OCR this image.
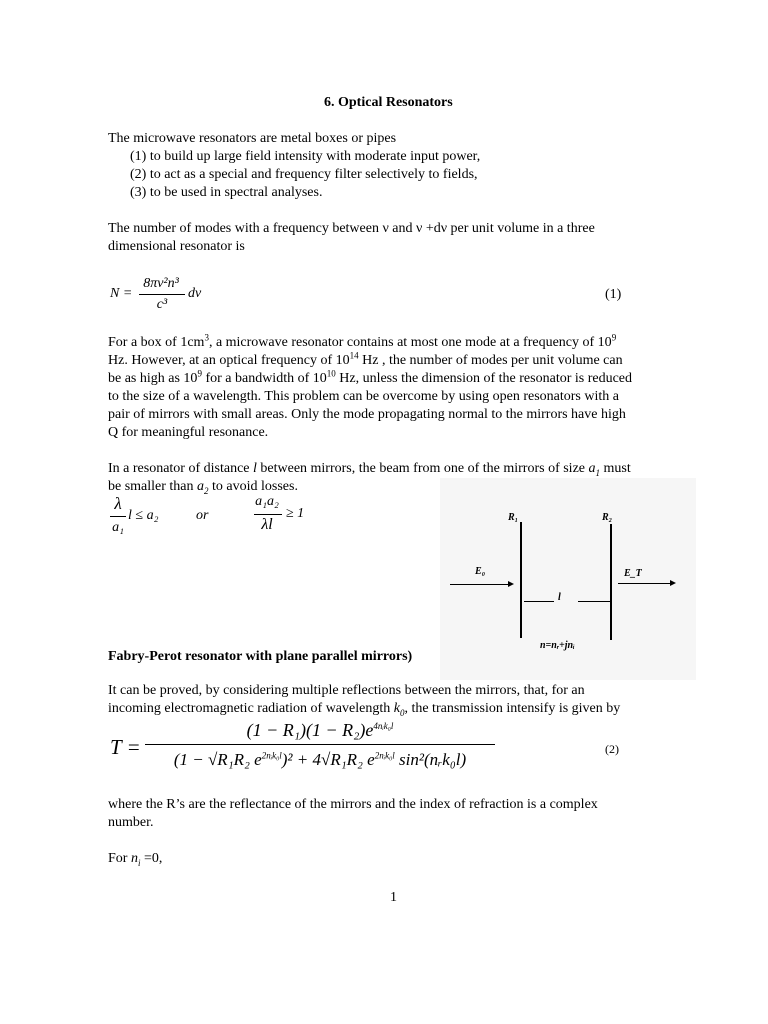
6. Optical Resonators
The microwave resonators are metal boxes or pipes
(1) to build up large field intensity with moderate input power,
(2) to act as a special and frequency filter selectively to fields,
(3) to be used in spectral analyses.
The number of modes with a frequency between ν and ν +dν per unit volume in a three
dimensional resonator is
N =
8πν²n³
c³
dν	(1)
For a box of $1cm^3$, a microwave resonator contains at most one mode at a frequency of $10^9$
Hz. However, at an optical frequency of $10^{14}$ Hz , the number of modes per unit volume can
be as high as $10^9$ for a bandwidth of $10^{10}$ Hz, unless the dimension of the resonator is reduced
to the size of a wavelength. This problem can be overcome by using open resonators with a
pair of mirrors with small areas. Only the mode propagating normal to the mirrors have high
Q for meaningful resonance.
In a resonator of distance l between mirrors, the beam from one of the mirrors of size $a_1$ must
be smaller than $a_2$ to avoid losses.
λ
a₁
l ≤ a₂	or
a₁a₂
λl
≥ 1	R₁	R₂
E₀	E_T
l
n=nᵣ+jnᵢ
Fabry-Perot resonator with plane parallel mirrors)
It can be proved, by considering multiple reflections between the mirrors, that, for an
incoming electromagnetic radiation of wavelength $k_0$, the transmission intensify is given by
T =
$(1 - R_1)(1 - R_2)e^{4nᵢk_0l}$
(1 − √R₁R₂ $e^{2nᵢk_0l})^2 + 4√R_1R_2$ $e^{2nᵢk_0l}$ sin²(nᵣk₀l)
(2)
where the R’s are the reflectance of the mirrors and the index of refraction is a complex
number.
For $n_i =0$,
1
